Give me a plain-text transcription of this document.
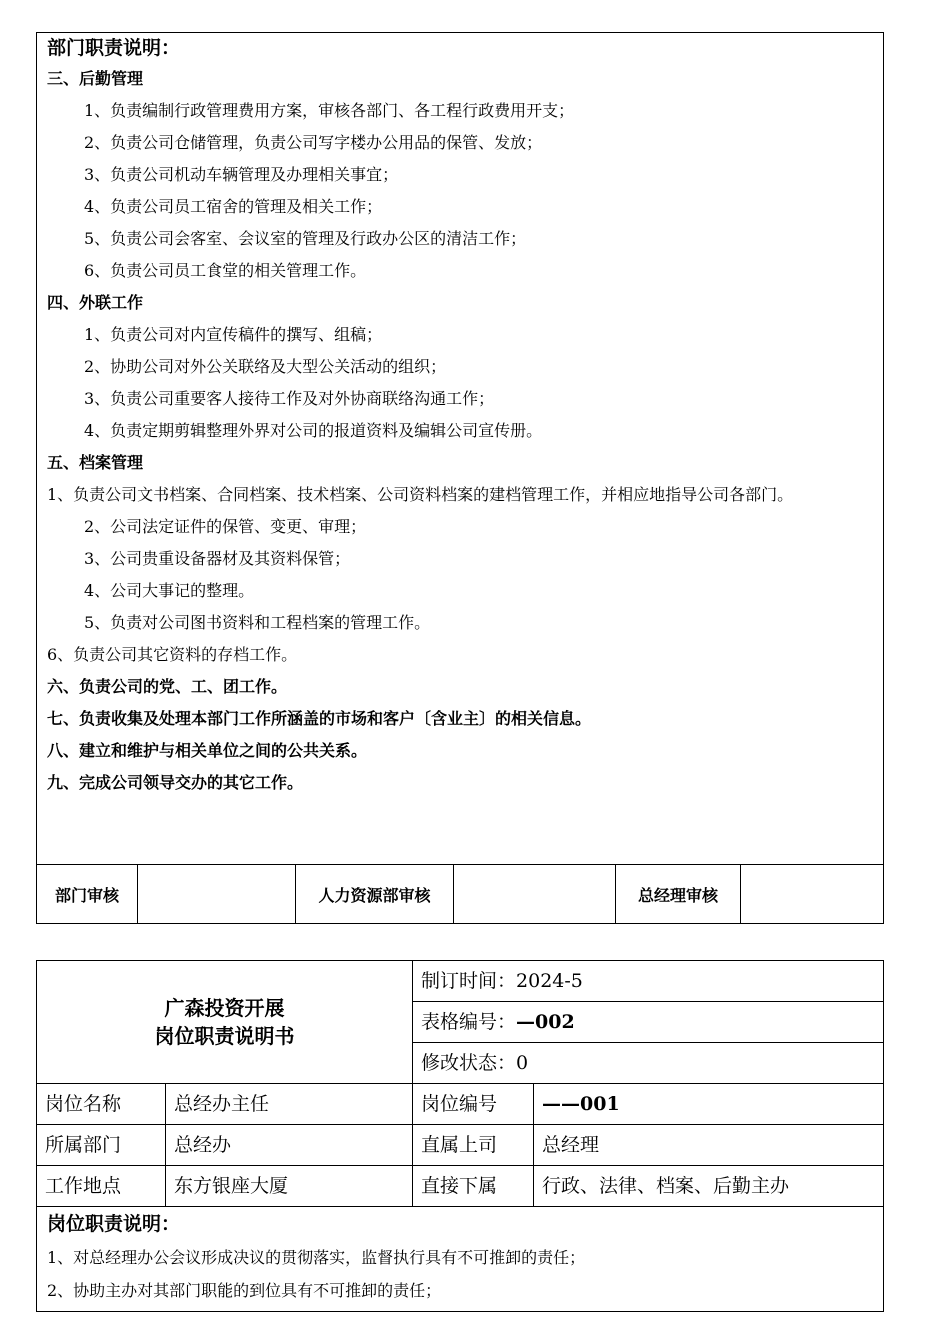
部门职责说明：
三、后勤管理
1、负责编制行政管理费用方案，审核各部门、各工程行政费用开支；
2、负责公司仓储管理，负责公司写字楼办公用品的保管、发放；
3、负责公司机动车辆管理及办理相关事宜；
4、负责公司员工宿舍的管理及相关工作；
5、负责公司会客室、会议室的管理及行政办公区的清洁工作；
6、负责公司员工食堂的相关管理工作。
四、外联工作
1、负责公司对内宣传稿件的撰写、组稿；
2、协助公司对外公关联络及大型公关活动的组织；
3、负责公司重要客人接待工作及对外协商联络沟通工作；
4、负责定期剪辑整理外界对公司的报道资料及编辑公司宣传册。
五、档案管理
1、负责公司文书档案、合同档案、技术档案、公司资料档案的建档管理工作，并相应地指导公司各部门。
2、公司法定证件的保管、变更、审理；
3、公司贵重设备器材及其资料保管；
4、公司大事记的整理。
5、负责对公司图书资料和工程档案的管理工作。
6、负责公司其它资料的存档工作。
六、负责公司的党、工、团工作。
七、负责收集及处理本部门工作所涵盖的市场和客户〔含业主〕的相关信息。
八、建立和维护与相关单位之间的公共关系。
九、完成公司领导交办的其它工作。
部门审核		人力资源部审核		总经理审核	
广森投资开展
岗位职责说明书		制订时间：2024-5	
		表格编号：—002	
		修改状态：0	
岗位名称	总经办主任	岗位编号	——001
所属部门	总经办	直属上司	总经理
工作地点	东方银座大厦	直接下属	行政、法律、档案、后勤主办
岗位职责说明：
1、对总经理办公会议形成决议的贯彻落实，监督执行具有不可推卸的责任；
2、协助主办对其部门职能的到位具有不可推卸的责任；
